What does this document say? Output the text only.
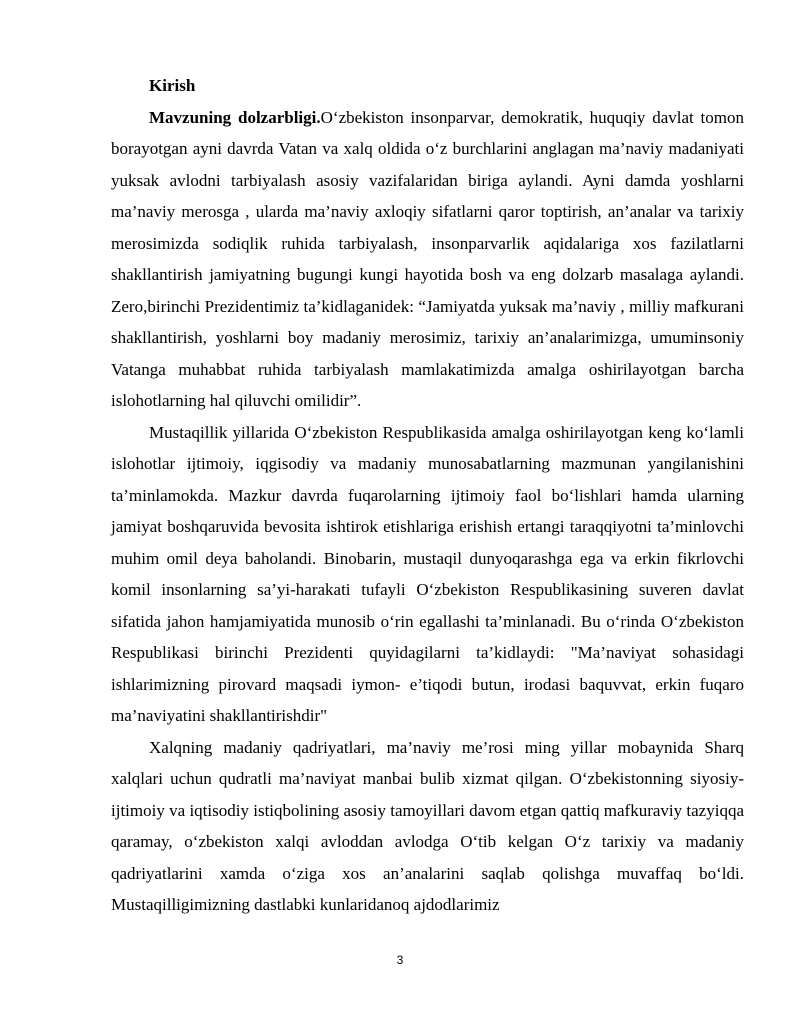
Kirish

Mavzuning dolzarbligi.O‘zbekiston insonparvar, demokratik, huquqiy davlat tomon borayotgan ayni davrda Vatan va xalq oldida o‘z burchlarini anglagan ma’naviy madaniyati yuksak avlodni tarbiyalash asosiy vazifalaridan biriga aylandi. Ayni damda yoshlarni ma’naviy merosga , ularda ma’naviy axloqiy sifatlarni qaror toptirish, an’analar va tarixiy merosimizda sodiqlik ruhida tarbiyalash, insonparvarlik aqidalariga xos fazilatlarni shakllantirish jamiyatning bugungi kungi hayotida bosh va eng dolzarb masalaga aylandi. Zero,birinchi Prezidentimiz ta’kidlaganidek: “Jamiyatda yuksak ma’naviy , milliy mafkurani shakllantirish, yoshlarni boy madaniy merosimiz, tarixiy an’analarimizga, umuminsoniy Vatanga muhabbat ruhida tarbiyalash mamlakatimizda amalga oshirilayotgan barcha islohotlarning hal qiluvchi omilidir”.

Mustaqillik yillarida O‘zbekiston Respublikasida amalga oshirilayotgan keng ko‘lamli islohotlar ijtimoiy, iqgisodiy va madaniy munosabatlarning mazmunan yangilanishini ta’minlamokda. Mazkur davrda fuqarolarning ijtimoiy faol bo‘lishlari hamda ularning jamiyat boshqaruvida bevosita ishtirok etishlariga erishish ertangi taraqqiyotni ta’minlovchi muhim omil deya baholandi. Binobarin, mustaqil dunyoqarashga ega va erkin fikrlovchi komil insonlarning sa’yi-harakati tufayli O‘zbekiston Respublikasining suveren davlat sifatida jahon hamjamiyatida munosib o‘rin egallashi ta’minlanadi. Bu o‘rinda O‘zbekiston Respublikasi birinchi Prezidenti quyidagilarni ta’kidlaydi: "Ma’naviyat sohasidagi ishlarimizning pirovard maqsadi iymon- e’tiqodi butun, irodasi baquvvat, erkin fuqaro ma’naviyatini shakllantirishdir"

Xalqning madaniy qadriyatlari, ma’naviy me’rosi ming yillar mobaynida Sharq xalqlari uchun qudratli ma’naviyat manbai bulib xizmat qilgan. O‘zbekistonning siyosiy- ijtimoiy va iqtisodiy istiqbolining asosiy tamoyillari davom etgan qattiq mafkuraviy tazyiqqa qaramay, o‘zbekiston xalqi avloddan avlodga O‘tib kelgan O‘z tarixiy va madaniy qadriyatlarini xamda o‘ziga xos an’analarini saqlab qolishga muvaffaq bo‘ldi. Mustaqilligimizning dastlabki kunlaridanoq ajdodlarimiz

3
